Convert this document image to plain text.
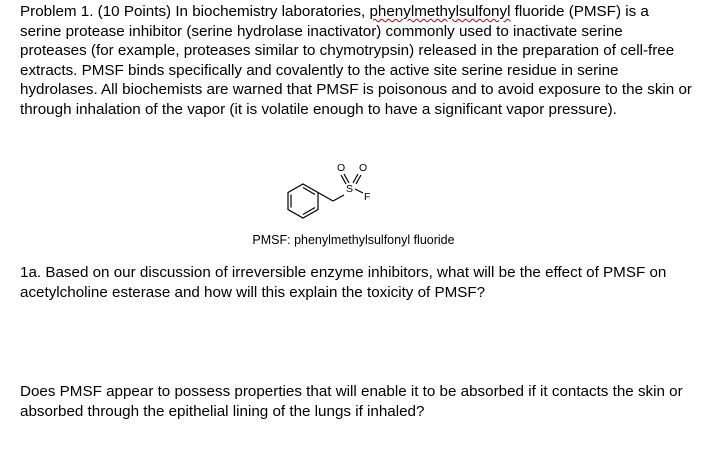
Problem 1. (10 Points) In biochemistry laboratories, phenylmethylsulfonyl fluoride (PMSF) is a serine protease inhibitor (serine hydrolase inactivator) commonly used to inactivate serine proteases (for example, proteases similar to chymotrypsin) released in the preparation of cell-free extracts. PMSF binds specifically and covalently to the active site serine residue in serine hydrolases. All biochemists are warned that PMSF is poisonous and to avoid exposure to the skin or through inhalation of the vapor (it is volatile enough to have a significant vapor pressure).

O O
S
F

PMSF: phenylmethylsulfonyl fluoride

1a. Based on our discussion of irreversible enzyme inhibitors, what will be the effect of PMSF on acetylcholine esterase and how will this explain the toxicity of PMSF?

Does PMSF appear to possess properties that will enable it to be absorbed if it contacts the skin or absorbed through the epithelial lining of the lungs if inhaled?
